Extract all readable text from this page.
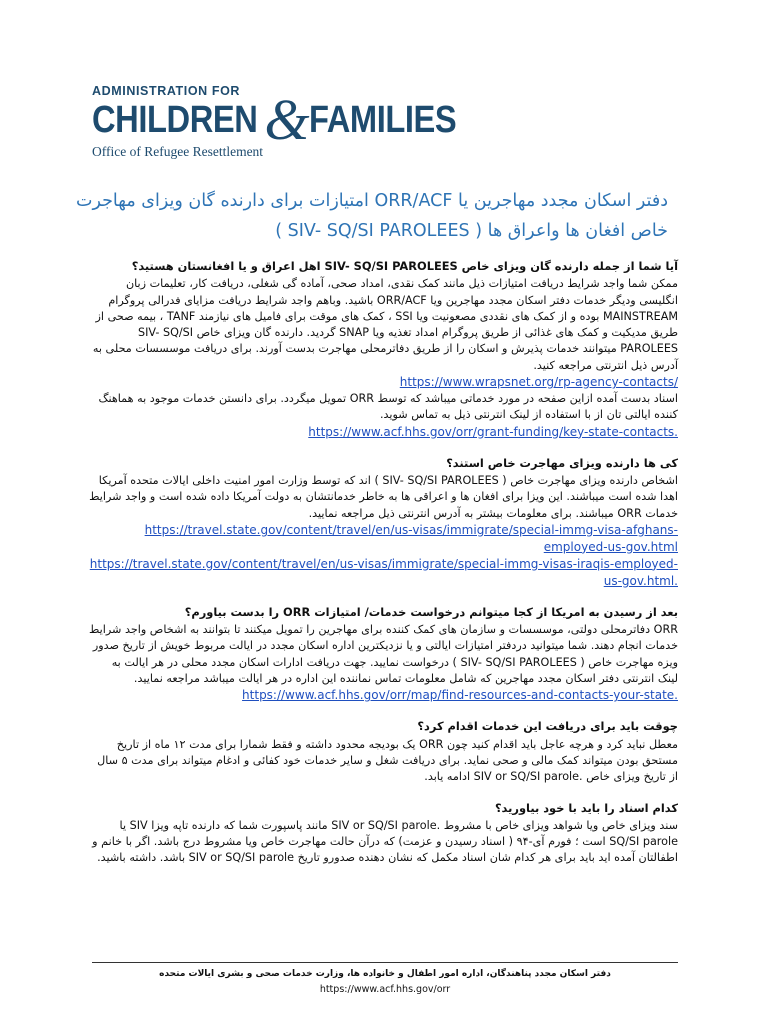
ADMINISTRATION FOR
CHILDREN & FAMILIES
Office of Refugee Resettlement
دفتر اسکان مجدد مهاجرین یا ORR/ACF امتیازات برای دارنده گان ویزای مهاجرت
خاص افغان ها واعراق ها ( SIV- SQ/SI PAROLEES )
آیا شما از جمله دارنده گان ویزای خاص SIV- SQ/SI PAROLEES اهل اعراق و یا افغانستان هستید؟

ممکن شما واجد شرایط دریافت امتیازات ذیل مانند کمک نقدی، امداد صحی، آماده گی شغلی، دریافت کار، تعلیمات زبان انگلیسی ودیگر خدمات دفتر اسکان مجدد مهاجرین ویا ORR/ACF باشید. وباهم واجد شرایط دریافت مزایای فدرالی پروگرام MAINSTREAM بوده و از کمک های نقددی مصعونیت ویا SSI ، کمک های موقت برای فامیل های نیازمند TANF ، بیمه صحی از طریق مدیکیت و کمک های غذائی از طریق پروگرام امداد تغذیه ویا SNAP گردید. دارنده گان ویزای خاص SIV- SQ/SI PAROLEES میتوانند خدمات پذیرش و اسکان را از طریق دفاترمحلی مهاجرت بدست آورند. برای دریافت موسسسات محلی به آدرس ذیل انترنتی مراجعه کنید.

https://www.wrapsnet.org/rp-agency-contacts/

اسناد بدست آمده ازاین صفحه در مورد خدماتی میباشد که توسط ORR تمویل میگردد. برای دانستن خدمات موجود به هماهنگ کننده ایالتی تان از با استفاده از لینک انترنتی ذیل به تماس شوید.

https://www.acf.hhs.gov/orr/grant-funding/key-state-contacts.
کی ها دارنده ویزای مهاجرت خاص استند؟

اشخاص دارنده ویزای مهاجرت خاص ( SIV- SQ/SI PAROLEES ) اند که توسط وزارت امور امنیت داخلی ایالات متحده آمریکا اهدا شده است میباشند. این ویزا برای افغان ها و اعراقی ها به خاطر خدمانتشان به دولت آمریکا داده شده است و واجد شرایط خدمات ORR میباشند. برای معلومات بیشتر به آدرس انترنتی ذیل مراجعه نمایید.

https://travel.state.gov/content/travel/en/us-visas/immigrate/special-immg-visa-afghans-employed-us-gov.html
https://travel.state.gov/content/travel/en/us-visas/immigrate/special-immg-visas-iraqis-employed-us-gov.html.
بعد از رسیدن به امریکا از کجا میتوانم درخواست خدمات/ امتیازات ORR را بدست بیاورم؟

ORR دفاترمحلی دولتی، موسسسات و سازمان های کمک کننده برای مهاجرین را تمویل میکنند تا بتوانند به اشخاص واجد شرایط خدمات انجام دهند. شما میتوانید دردفتر امتیازات ایالتی و یا نزدیکترین اداره اسکان مجدد در ایالت مربوط خویش از تاریخ صدور ویزه مهاجرت خاص ( SIV- SQ/SI PAROLEES ) درخواست نمایید. جهت دریافت ادارات اسکان مجدد محلی در هر ایالت به لینک انترنتی دفتر اسکان مجدد مهاجرین که شامل معلومات تماس نماننده این اداره در هر ایالت میباشد مراجعه نمایید.

https://www.acf.hhs.gov/orr/map/find-resources-and-contacts-your-state.
چوقت باید برای دریافت این خدمات اقدام کرد؟

معطل نباید کرد و هرچه عاجل باید اقدام کنید چون ORR یک بودیجه محدود داشته و فقط شمارا برای مدت ۱۲ ماه از تاریخ مستحق بودن میتواند کمک مالی و صحی نماید. برای دریافت شغل و سایر خدمات خود کفائی و ادغام میتواند برای مدت ۵ سال از تاریخ ویزای خاص .SIV or SQ/SI parole ادامه یابد.

کدام اسناد را باید با خود بیاورید؟

سند ویزای خاص ویا شواهد ویزای خاص با مشروط .SIV or SQ/SI parole مانند پاسپورت شما که دارنده تاپه ویزا SIV یا SQ/SI parole است ؛ فورم آی-۹۴ ( اسناد رسیدن و عزمت) که درآن حالت مهاجرت خاص ویا مشروط درج باشد. اگر با خانم و اطفالتان آمده اید باید برای هر کدام شان اسناد مکمل که نشان دهنده صدورو تاریخ SIV or SQ/SI parole باشد. داشته باشید.

دفتر اسکان مجدد پناهندگان، اداره امور اطفال و خانواده ها، وزارت خدمات صحی و بشری ایالات متحده
https://www.acf.hhs.gov/orr
